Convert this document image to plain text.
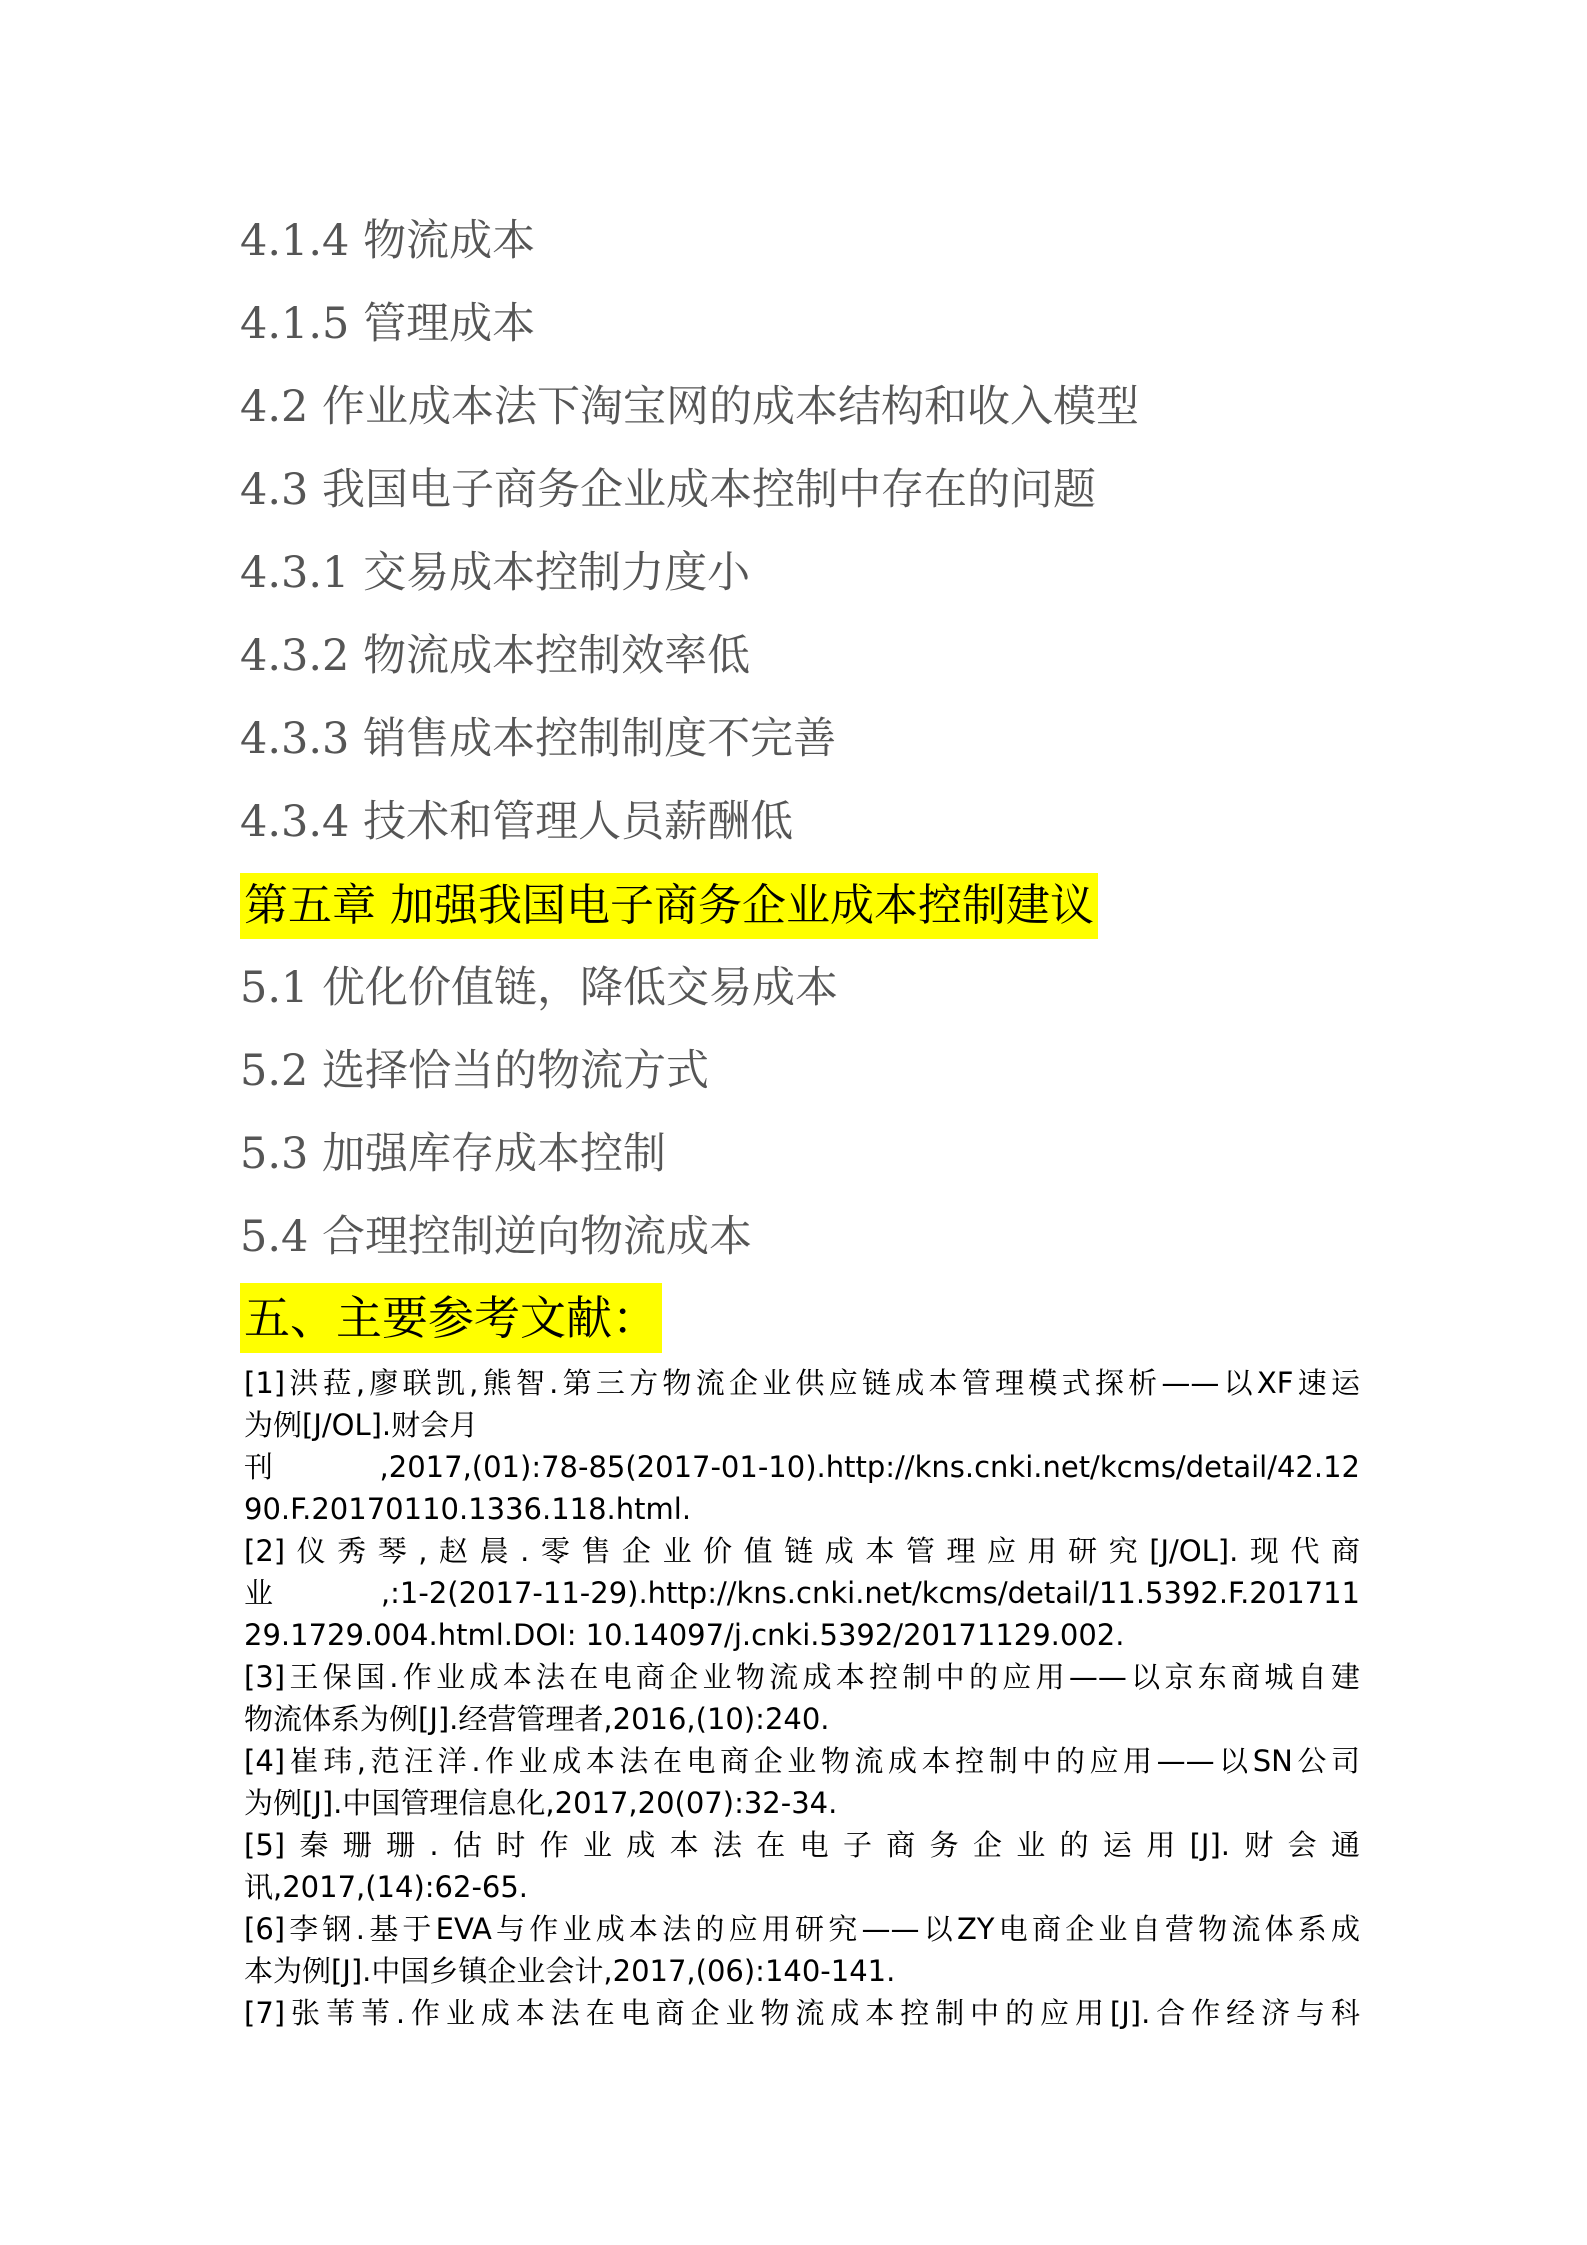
4.1.4 物流成本
4.1.5 管理成本
4.2 作业成本法下淘宝网的成本结构和收入模型
4.3 我国电子商务企业成本控制中存在的问题
4.3.1 交易成本控制力度小
4.3.2 物流成本控制效率低
4.3.3 销售成本控制制度不完善
4.3.4 技术和管理人员薪酬低
第五章 加强我国电子商务企业成本控制建议
5.1 优化价值链，降低交易成本
5.2 选择恰当的物流方式
5.3 加强库存成本控制
5.4 合理控制逆向物流成本
五、主要参考文献：
[1]洪菈,廖联凯,熊智.第三方物流企业供应链成本管理模式探析——以XF速运
为例[J/OL].财会月
刊,2017,(01):78-85(2017-01-10).http://kns.cnki.net/kcms/detail/42.12
90.F.20170110.1336.118.html.
[2]仪秀琴,赵晨.零售企业价值链成本管理应用研究[J/OL].现代商
业 ,:1-2(2017-11-29).http://kns.cnki.net/kcms/detail/11.5392.F.201711
29.1729.004.html.DOI: 10.14097/j.cnki.5392/20171129.002.
[3]王保国.作业成本法在电商企业物流成本控制中的应用——以京东商城自建
物流体系为例[J].经营管理者,2016,(10):240.
[4]崔玮,范汪洋.作业成本法在电商企业物流成本控制中的应用——以SN公司
为例[J].中国管理信息化,2017,20(07):32-34.
[5]秦珊珊.估时作业成本法在电子商务企业的运用[J].财会通
讯,2017,(14):62-65.
[6]李钢.基于EVA与作业成本法的应用研究——以ZY电商企业自营物流体系成
本为例[J].中国乡镇企业会计,2017,(06):140-141.
[7]张苇苇.作业成本法在电商企业物流成本控制中的应用[J].合作经济与科
